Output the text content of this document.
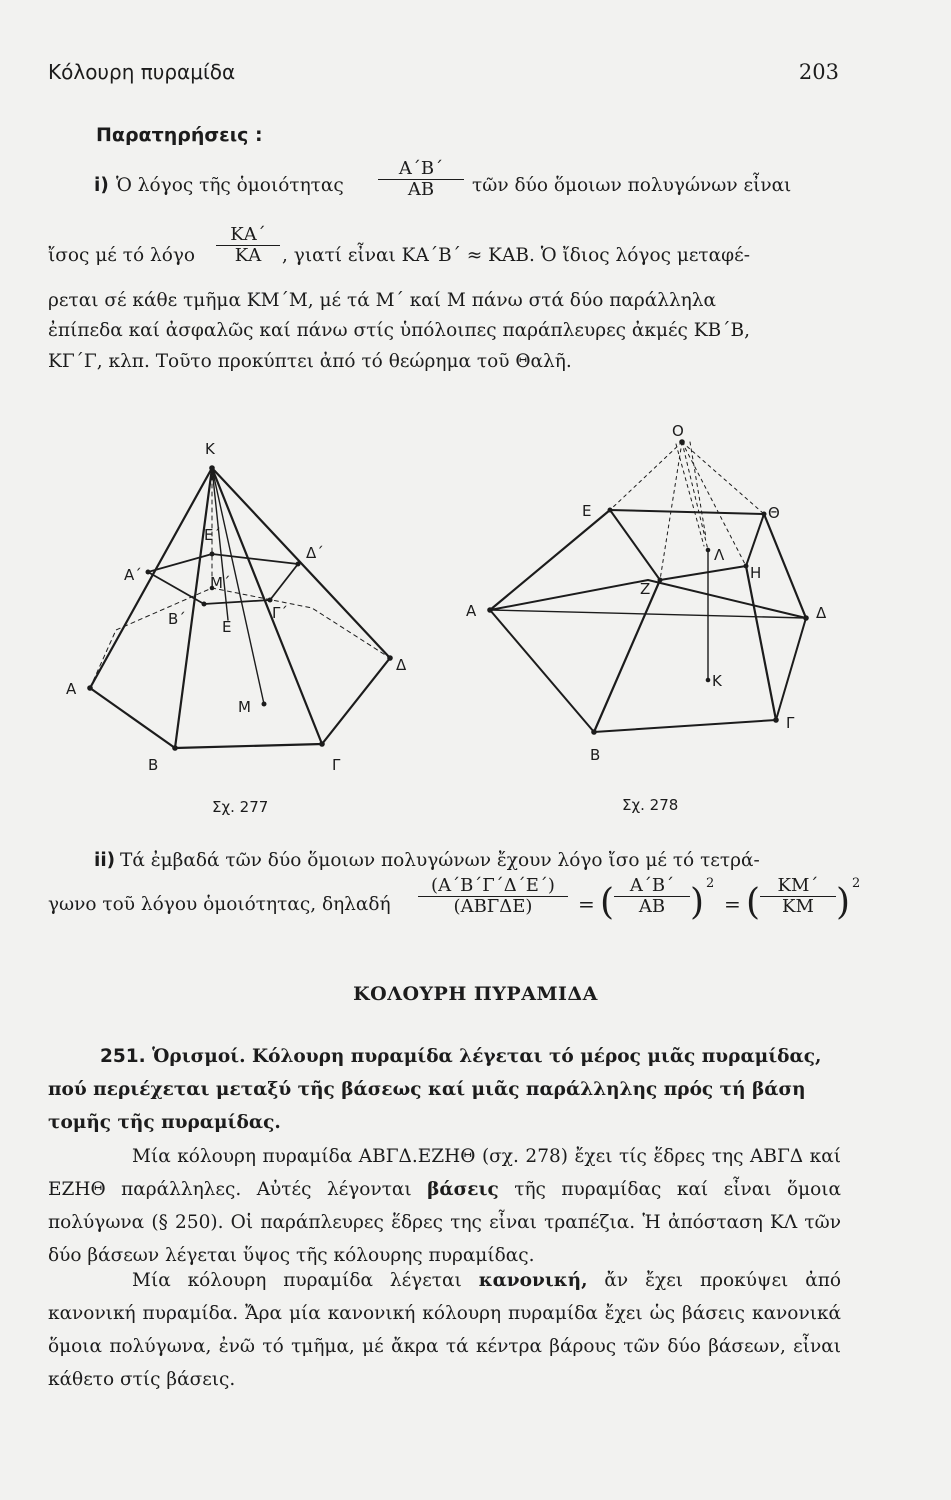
Κόλουρη πυραμίδα	203
Παρατηρήσεις :
i) Ὁ λόγος τῆς ὁμοιότητας $\frac{A΄B΄}{AB}$ τῶν δύο ὅμοιων πολυγώνων εἶναι
ἴσος μέ τό λόγο $\frac{KA΄}{KA}$ , γιατί εἶναι ΚΑ΄Β΄ ≈ ΚΑΒ. Ὁ ἴδιος λόγος μεταφέ-
ρεται σέ κάθε τμῆμα ΚΜ΄Μ, μέ τά Μ΄ καί Μ πάνω στά δύο παράλληλα
ἐπίπεδα καί ἀσφαλῶς καί πάνω στίς ὑπόλοιπες παράπλευρες ἀκμές ΚΒ΄Β,
ΚΓ΄Γ, κλπ. Τοῦτο προκύπτει ἀπό τό θεώρημα τοῦ Θαλῆ.
Κ
Α
Β	Γ
Δ
Ε
Α΄
Β΄	Γ΄
Δ΄
Ε΄
Μ
Μ΄
Σχ. 277
Ο
Α
Β
Γ
Δ
Ε
Ζ
Η
Θ
Κ
Λ
Σχ. 278
ii) Τά ἐμβαδά τῶν δύο ὅμοιων πολυγώνων ἔχουν λόγο ἴσο μέ τό τετρά-
γωνο τοῦ λόγου ὁμοιότητας, δηλαδή
(Α΄Β΄Γ΄Δ΄Ε΄)
(ΑΒΓΔΕ)	= ( $\frac{A΄B΄}{AB}$ ) 2
= ( $\frac{KM΄}{KM}$ ) 2
ΚΟΛΟΥΡΗ ΠΥΡΑΜΙΔΑ
251. Ὁρισμοί. Κόλουρη πυραμίδα λέγεται τό μέρος μιᾶς πυραμίδας,
πού περιέχεται μεταξύ τῆς βάσεως καί μιᾶς παράλληλης πρός τή βάση
τομῆς τῆς πυραμίδας.
Μία κόλουρη πυραμίδα ΑΒΓΔ.ΕΖΗΘ (σχ. 278) ἔχει τίς ἕδρες της ΑΒΓΔ καί ΕΖΗΘ παράλληλες. Αὐτές λέγονται βάσεις τῆς πυραμίδας καί εἶναι ὅμοια πολύγωνα (§ 250). Οἱ παράπλευρες ἕδρες της εἶναι τραπέζια. Ἡ ἀπόσταση ΚΛ τῶν δύο βάσεων λέγεται ὕψος τῆς κόλουρης πυραμίδας.
Μία κόλουρη πυραμίδα λέγεται κανονική, ἄν ἔχει προκύψει ἀπό κανονική πυραμίδα. Ἄρα μία κανονική κόλουρη πυραμίδα ἔχει ὡς βάσεις κανονικά ὅμοια πολύγωνα, ἐνῶ τό τμῆμα, μέ ἄκρα τά κέντρα βάρους τῶν δύο βάσεων, εἶναι κάθετο στίς βάσεις.
